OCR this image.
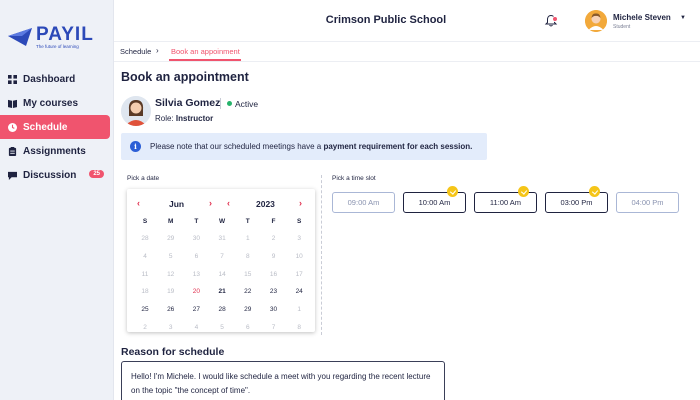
PAYIL
The future of learning
Dashboard
My courses
Schedule
Assignments
Discussion	25
Crimson Public School	Michele Steven
Student
▼
Schedule › Book an appoinment
Book an appointment
Silvia Gomez Active
Role: Instructor
i	Please note that our scheduled meetings have a payment requirement for each session.
Pick a date
‹	Jun	› ‹	2023	›
S	M	T	W	T	F	S
28	29	30	31	1	2	3
4	5	6	7	8	9	10
11	12	13	14	15	16	17
18	19	20	21	22	23	24
25	26	27	28	29	30	1
2	3	4	5	6	7	8
Pick a time slot
09:00 Am	10:00 Am	11:00 Am	03:00 Pm	04:00 Pm
Reason for schedule
Hello! I'm Michele. I would like schedule a meet with you regarding the recent lecture on the topic "the concept of time".
